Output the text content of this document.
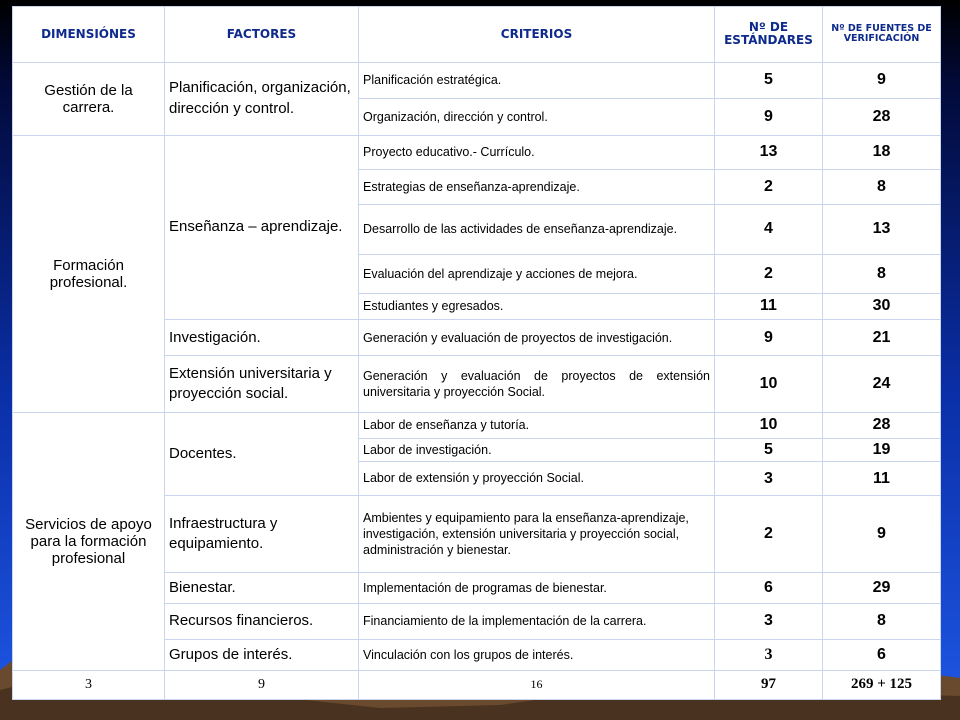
DIMENSIÓNES	FACTORES	CRITERIOS	Nº DE ESTÁNDARES	Nº DE FUENTES DE VERIFICACIÓN
Gestión de la carrera.	Planificación, organización, dirección y control.	Planificación estratégica.	5	9
		Organización, dirección y control.	9	28
Formación profesional.	Enseñanza – aprendizaje.	Proyecto educativo.- Currículo.	13	18
		Estrategias de enseñanza-aprendizaje.	2	8
		Desarrollo de las actividades de enseñanza-aprendizaje.	4	13
		Evaluación del aprendizaje y acciones de mejora.	2	8
		Estudiantes y egresados.	11	30
	Investigación.	Generación y evaluación de proyectos de investigación.	9	21
	Extensión universitaria y proyección social.	Generación y evaluación de proyectos de extensión universitaria y proyección Social.	10	24
Servicios de apoyo para la formación profesional	Docentes.	Labor de enseñanza y tutoría.	10	28
		Labor de investigación.	5	19
		Labor de extensión y proyección Social.	3	11
	Infraestructura y equipamiento.	Ambientes y equipamiento para la enseñanza-aprendizaje, investigación, extensión universitaria y proyección social, administración y bienestar.	2	9
	Bienestar.	Implementación de programas de bienestar.	6	29
	Recursos financieros.	Financiamiento de la implementación de la carrera.	3	8
	Grupos de interés.	Vinculación con los grupos de interés.	3	6
3	9	16	97	269 + 125
